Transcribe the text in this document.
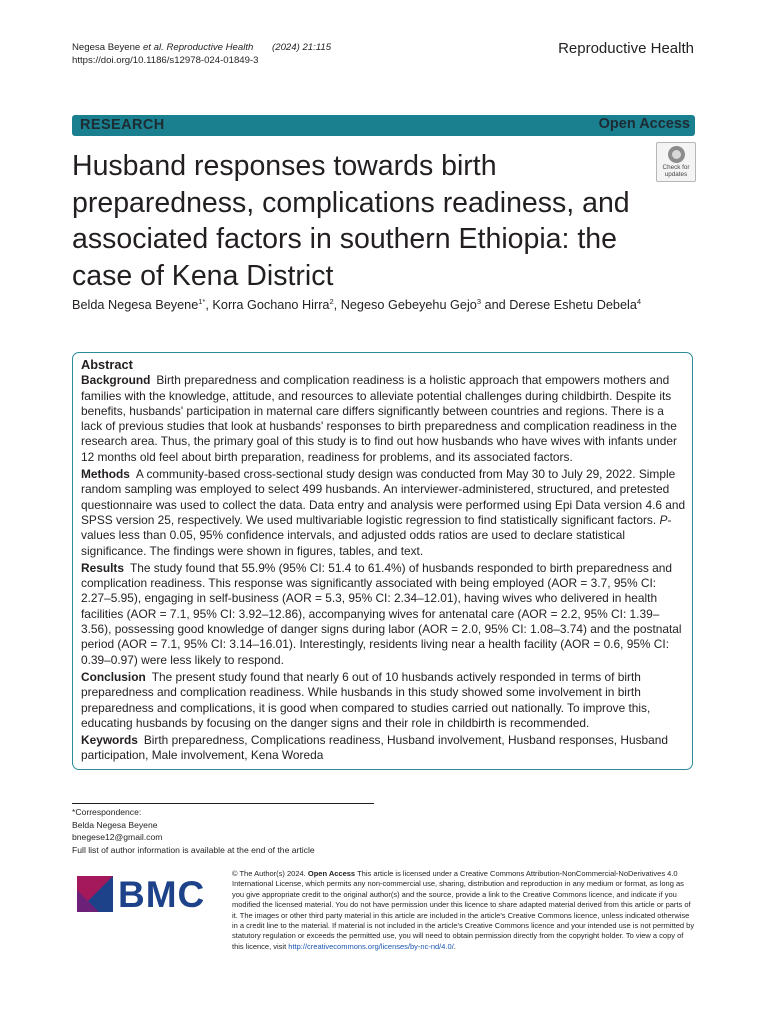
Negesa Beyene et al. Reproductive Health (2024) 21:115
https://doi.org/10.1186/s12978-024-01849-3
Reproductive Health
RESEARCH	Open Access
Check for
updates
Husband responses towards birth preparedness, complications readiness, and associated factors in southern Ethiopia: the case of Kena District
Belda Negesa Beyene$^{1*}$, Korra Gochano Hirra$^2$, Negeso Gebeyehu Gejo$^3$ and Derese Eshetu Debela$^4$
Abstract

Background Birth preparedness and complication readiness is a holistic approach that empowers mothers and families with the knowledge, attitude, and resources to alleviate potential challenges during childbirth. Despite its benefits, husbands' participation in maternal care differs significantly between countries and regions. There is a lack of previous studies that look at husbands' responses to birth preparedness and complication readiness in the research area. Thus, the primary goal of this study is to find out how husbands who have wives with infants under 12 months old feel about birth preparation, readiness for problems, and its associated factors.

Methods A community-based cross-sectional study design was conducted from May 30 to July 29, 2022. Simple random sampling was employed to select 499 husbands. An interviewer-administered, structured, and pretested questionnaire was used to collect the data. Data entry and analysis were performed using Epi Data version 4.6 and SPSS version 25, respectively. We used multivariable logistic regression to find statistically significant factors. P-values less than 0.05, 95% confidence intervals, and adjusted odds ratios are used to declare statistical significance. The findings were shown in figures, tables, and text.

Results The study found that 55.9% (95% CI: 51.4 to 61.4%) of husbands responded to birth preparedness and complication readiness. This response was significantly associated with being employed (AOR = 3.7, 95% CI: 2.27–5.95), engaging in self-business (AOR = 5.3, 95% CI: 2.34–12.01), having wives who delivered in health facilities (AOR = 7.1, 95% CI: 3.92–12.86), accompanying wives for antenatal care (AOR = 2.2, 95% CI: 1.39–3.56), possessing good knowledge of danger signs during labor (AOR = 2.0, 95% CI: 1.08–3.74) and the postnatal period (AOR = 7.1, 95% CI: 3.14–16.01). Interestingly, residents living near a health facility (AOR = 0.6, 95% CI: 0.39–0.97) were less likely to respond.

Conclusion The present study found that nearly 6 out of 10 husbands actively responded in terms of birth preparedness and complication readiness. While husbands in this study showed some involvement in birth preparedness and complications, it is good when compared to studies carried out nationally. To improve this, educating husbands by focusing on the danger signs and their role in childbirth is recommended.

Keywords Birth preparedness, Complications readiness, Husband involvement, Husband responses, Husband participation, Male involvement, Kena Woreda

*Correspondence:
Belda Negesa Beyene
bnegese12@gmail.com
Full list of author information is available at the end of the article
BMC
© The Author(s) 2024. Open Access This article is licensed under a Creative Commons Attribution-NonCommercial-NoDerivatives 4.0 International License, which permits any non-commercial use, sharing, distribution and reproduction in any medium or format, as long as you give appropriate credit to the original author(s) and the source, provide a link to the Creative Commons licence, and indicate if you modified the licensed material. You do not have permission under this licence to share adapted material derived from this article or parts of it. The images or other third party material in this article are included in the article's Creative Commons licence, unless indicated otherwise in a credit line to the material. If material is not included in the article's Creative Commons licence and your intended use is not permitted by statutory regulation or exceeds the permitted use, you will need to obtain permission directly from the copyright holder. To view a copy of this licence, visit http://creativecommons.org/licenses/by-nc-nd/4.0/.
